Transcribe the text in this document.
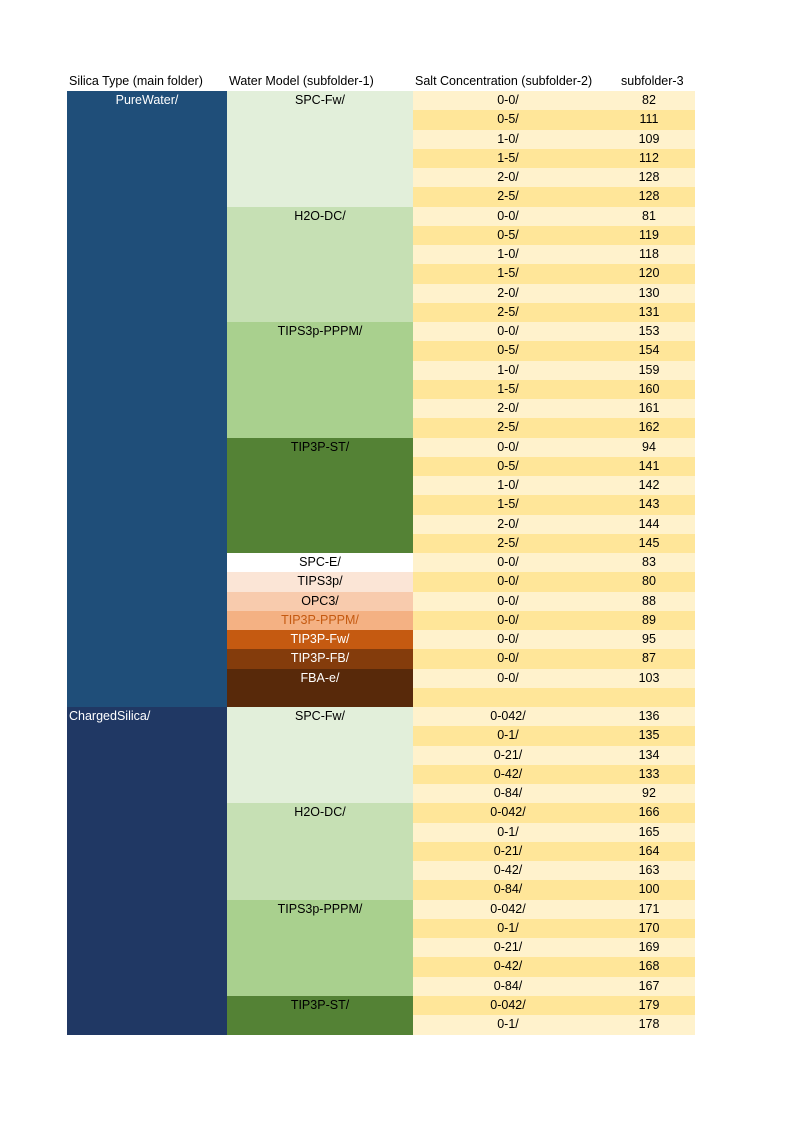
Silica Type (main folder) Water Model (subfolder-1)	Salt Concentration (subfolder-2) subfolder-3
PureWater/	SPC-Fw/	0-0/	82
0-5/	111
1-0/	109
1-5/	112
2-0/	128
2-5/	128
H2O-DC/	0-0/	81
0-5/	119
1-0/	118
1-5/	120
2-0/	130
2-5/	131
TIPS3p-PPPM/	0-0/	153
0-5/	154
1-0/	159
1-5/	160
2-0/	161
2-5/	162
TIP3P-ST/	0-0/	94
0-5/	141
1-0/	142
1-5/	143
2-0/	144
2-5/	145
SPC-E/	0-0/	83
TIPS3p/	0-0/	80
OPC3/	0-0/	88
TIP3P-PPPM/	0-0/	89
TIP3P-Fw/	0-0/	95
TIP3P-FB/	0-0/	87
FBA-e/	0-0/	103
ChargedSilica/	SPC-Fw/	0-042/	136
0-1/	135
0-21/	134
0-42/	133
0-84/	92
H2O-DC/	0-042/	166
0-1/	165
0-21/	164
0-42/	163
0-84/	100
TIPS3p-PPPM/	0-042/	171
0-1/	170
0-21/	169
0-42/	168
0-84/	167
TIP3P-ST/	0-042/	179
0-1/	178
